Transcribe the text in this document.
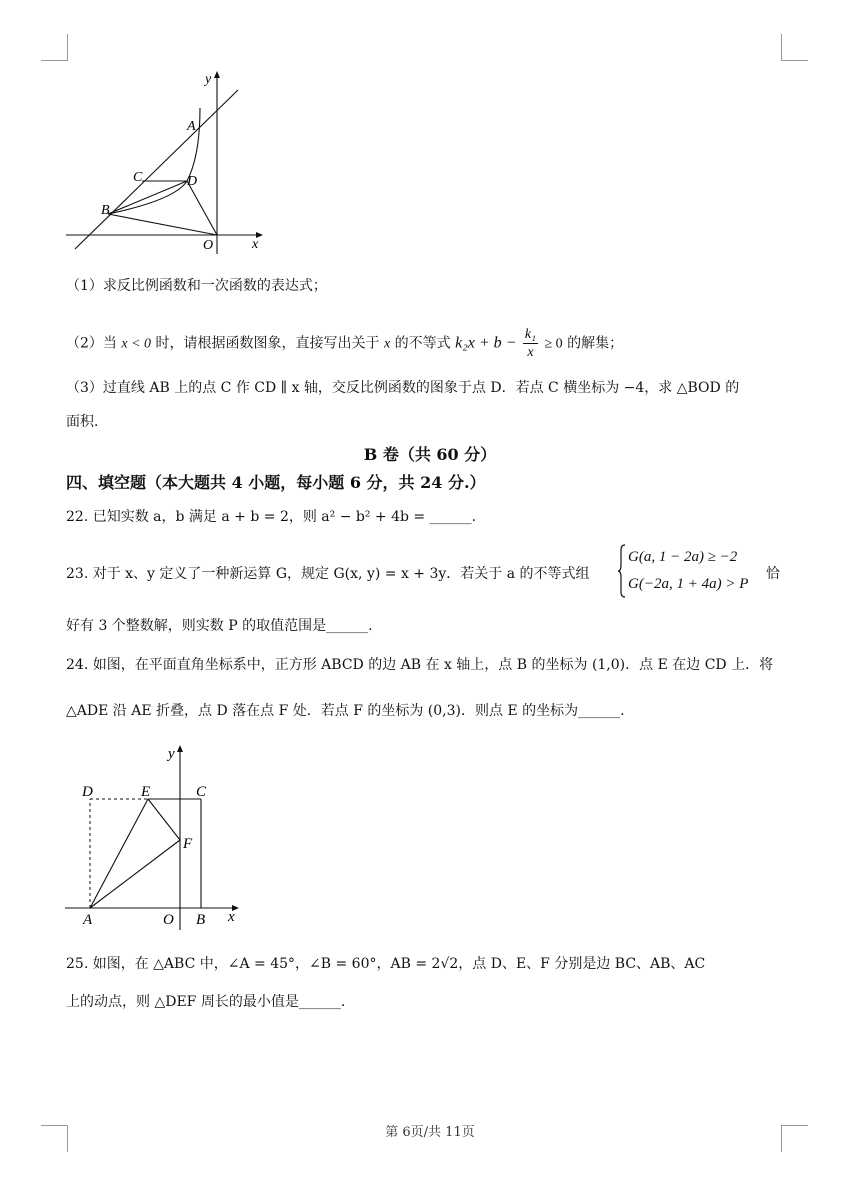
y
x
A
C	D
B
O
（1）求反比例函数和一次函数的表达式；
（2）当 x < 0 时，请根据函数图象，直接写出关于 x 的不等式 $k_2x + b - \frac{\text{k₁}}{x} \ge 0$ 的解集；
（3）过直线 AB 上的点 C 作 CD ∥ x 轴，交反比例函数的图象于点 D．若点 C 横坐标为 −4，求 △BOD 的
面积．
B 卷（共 60 分）
四、填空题（本大题共 4 小题，每小题 6 分，共 24 分.）
22. 已知实数 a，b 满足 a + b = 2，则 a² − b² + 4b = ______.
23. 对于 x、y 定义了一种新运算 G，规定 G(x, y) = x + 3y．若关于 a 的不等式组
G(a, 1 − 2a) ≥ −2
G(−2a, 1 + 4a) > P
恰
好有 3 个整数解，则实数 P 的取值范围是______.
24. 如图，在平面直角坐标系中，正方形 ABCD 的边 AB 在 x 轴上，点 B 的坐标为 (1,0)．点 E 在边 CD 上．将
△ADE 沿 AE 折叠，点 D 落在点 F 处．若点 F 的坐标为 (0,3)．则点 E 的坐标为______.
y
x
D	E	C
F
A	O B
25. 如图，在 △ABC 中，∠A = 45°，∠B = 60°，AB = 2√2，点 D、E、F 分别是边 BC、AB、AC
上的动点，则 △DEF 周长的最小值是______.
第 6页/共 11页
